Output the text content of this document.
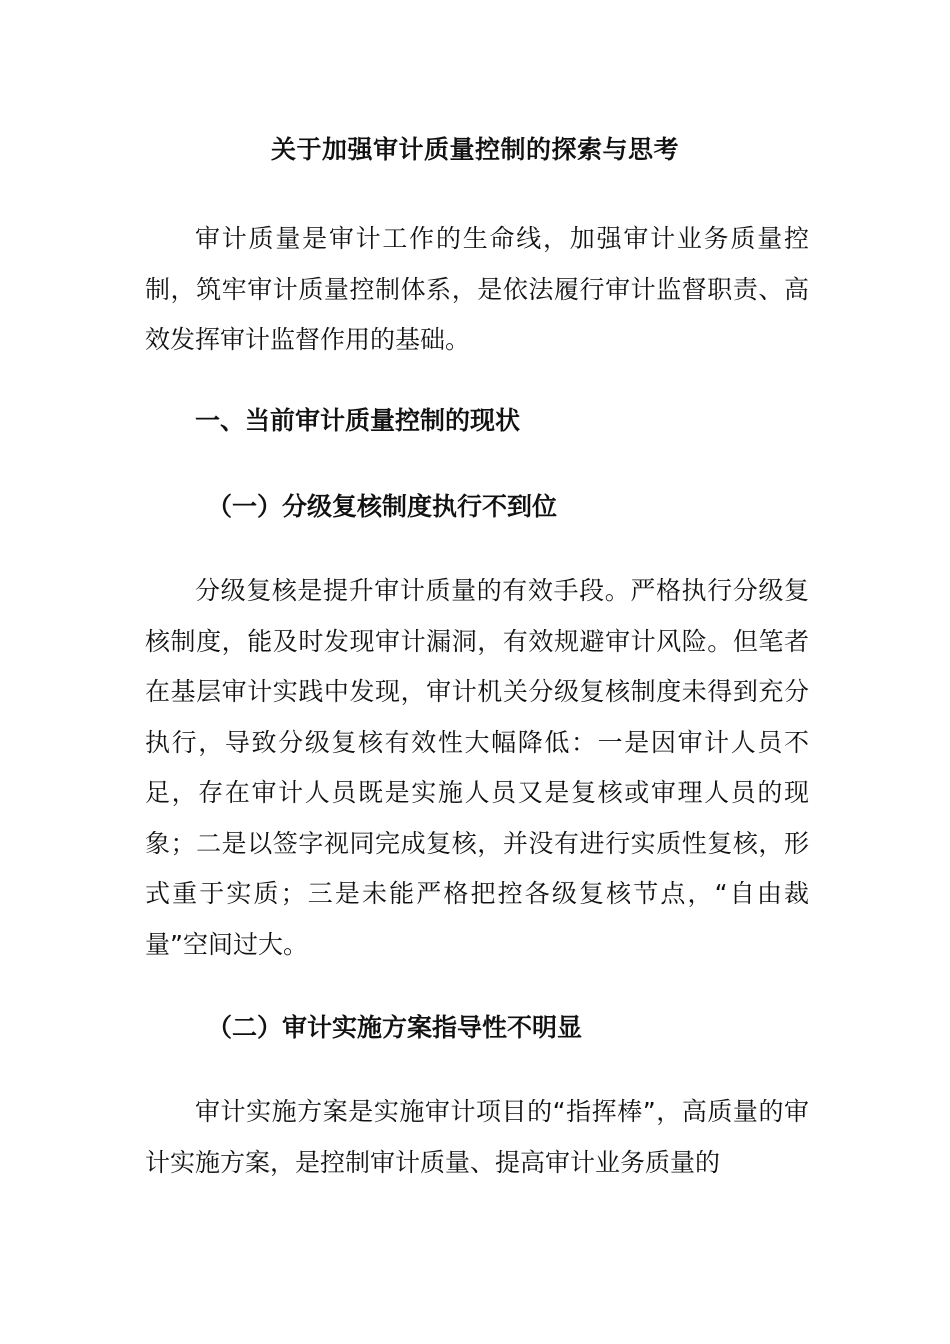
关于加强审计质量控制的探索与思考

审计质量是审计工作的生命线，加强审计业务质量控制，筑牢审计质量控制体系，是依法履行审计监督职责、高效发挥审计监督作用的基础。

一、当前审计质量控制的现状
（一）分级复核制度执行不到位

分级复核是提升审计质量的有效手段。严格执行分级复核制度，能及时发现审计漏洞，有效规避审计风险。但笔者在基层审计实践中发现，审计机关分级复核制度未得到充分执行，导致分级复核有效性大幅降低：一是因审计人员不足，存在审计人员既是实施人员又是复核或审理人员的现象；二是以签字视同完成复核，并没有进行实质性复核，形式重于实质；三是未能严格把控各级复核节点，“自由裁量”空间过大。

（二）审计实施方案指导性不明显

审计实施方案是实施审计项目的“指挥棒”，高质量的审计实施方案，是控制审计质量、提高审计业务质量的
